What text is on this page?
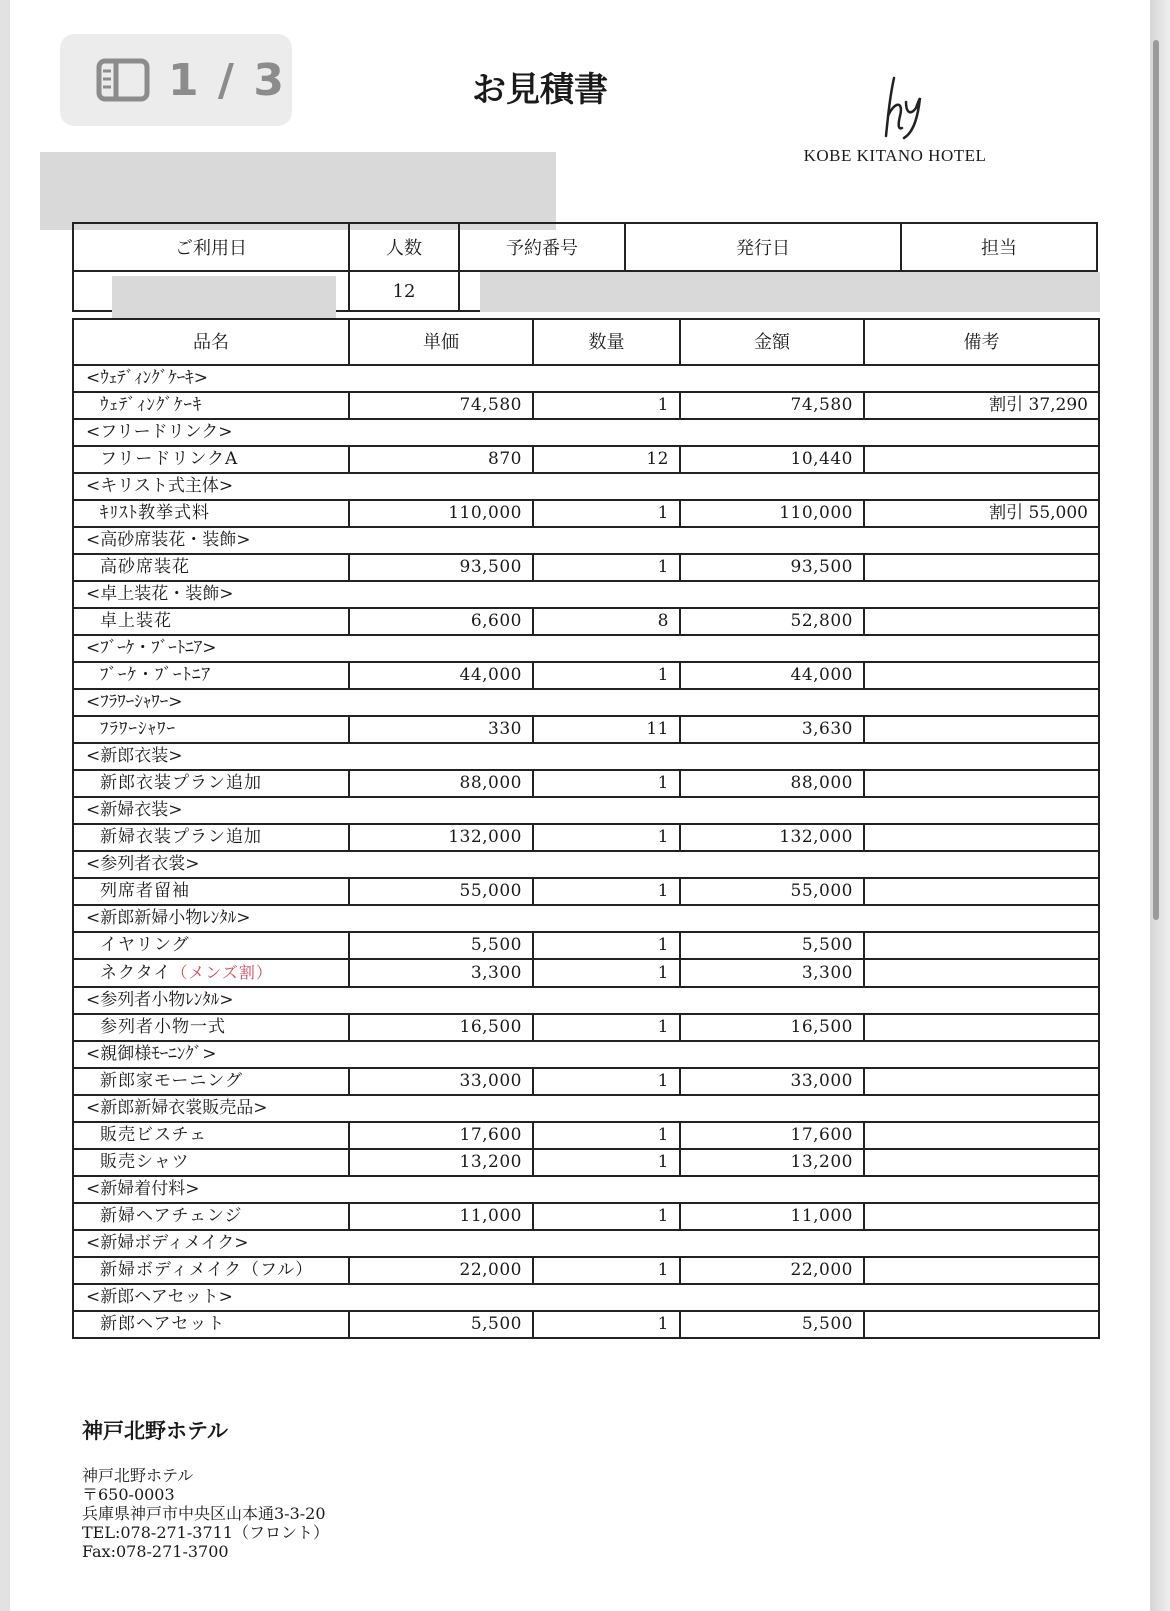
1 / 3	お見積書
KOBE KITANO HOTEL
ご利用日	人数	予約番号	発行日	担当
	12			
品名	単価	数量	金額	備考
<ｳｪﾃﾞｨﾝｸﾞｹｰｷ>				
ｳｪﾃﾞｨﾝｸﾞｹｰｷ	74,580	1	74,580	割引 37,290
<フリードリンク>				
フリードリンクA	870	12	10,440	
<キリスト式主体>				
ｷﾘｽﾄ教挙式料	110,000	1	110,000	割引 55,000
<高砂席装花・装飾>				
高砂席装花	93,500	1	93,500	
<卓上装花・装飾>				
卓上装花	6,600	8	52,800	
<ﾌﾞｰｹ・ﾌﾞｰﾄﾆｱ>				
ﾌﾞｰｹ・ﾌﾞｰﾄﾆｱ	44,000	1	44,000	
<ﾌﾗﾜｰｼｬﾜｰ>				
ﾌﾗﾜｰｼｬﾜｰ	330	11	3,630	
<新郎衣装>				
新郎衣装プラン追加	88,000	1	88,000	
<新婦衣装>				
新婦衣装プラン追加	132,000	1	132,000	
<参列者衣裳>				
列席者留袖	55,000	1	55,000	
<新郎新婦小物ﾚﾝﾀﾙ>				
イヤリング	5,500	1	5,500	
ネクタイ（メンズ割）	3,300	1	3,300	
<参列者小物ﾚﾝﾀﾙ>				
参列者小物一式	16,500	1	16,500	
<親御様ﾓｰﾆﾝｸﾞ>				
新郎家モーニング	33,000	1	33,000	
<新郎新婦衣裳販売品>				
販売ビスチェ	17,600	1	17,600	
販売シャツ	13,200	1	13,200	
<新婦着付料>				
新婦ヘアチェンジ	11,000	1	11,000	
<新婦ボディメイク>				
新婦ボディメイク（フル）	22,000	1	22,000	
<新郎ヘアセット>				
新郎ヘアセット	5,500	1	5,500	
神戸北野ホテル
神戸北野ホテル
〒650-0003
兵庫県神戸市中央区山本通3-3-20
TEL:078-271-3711（フロント）
Fax:078-271-3700
